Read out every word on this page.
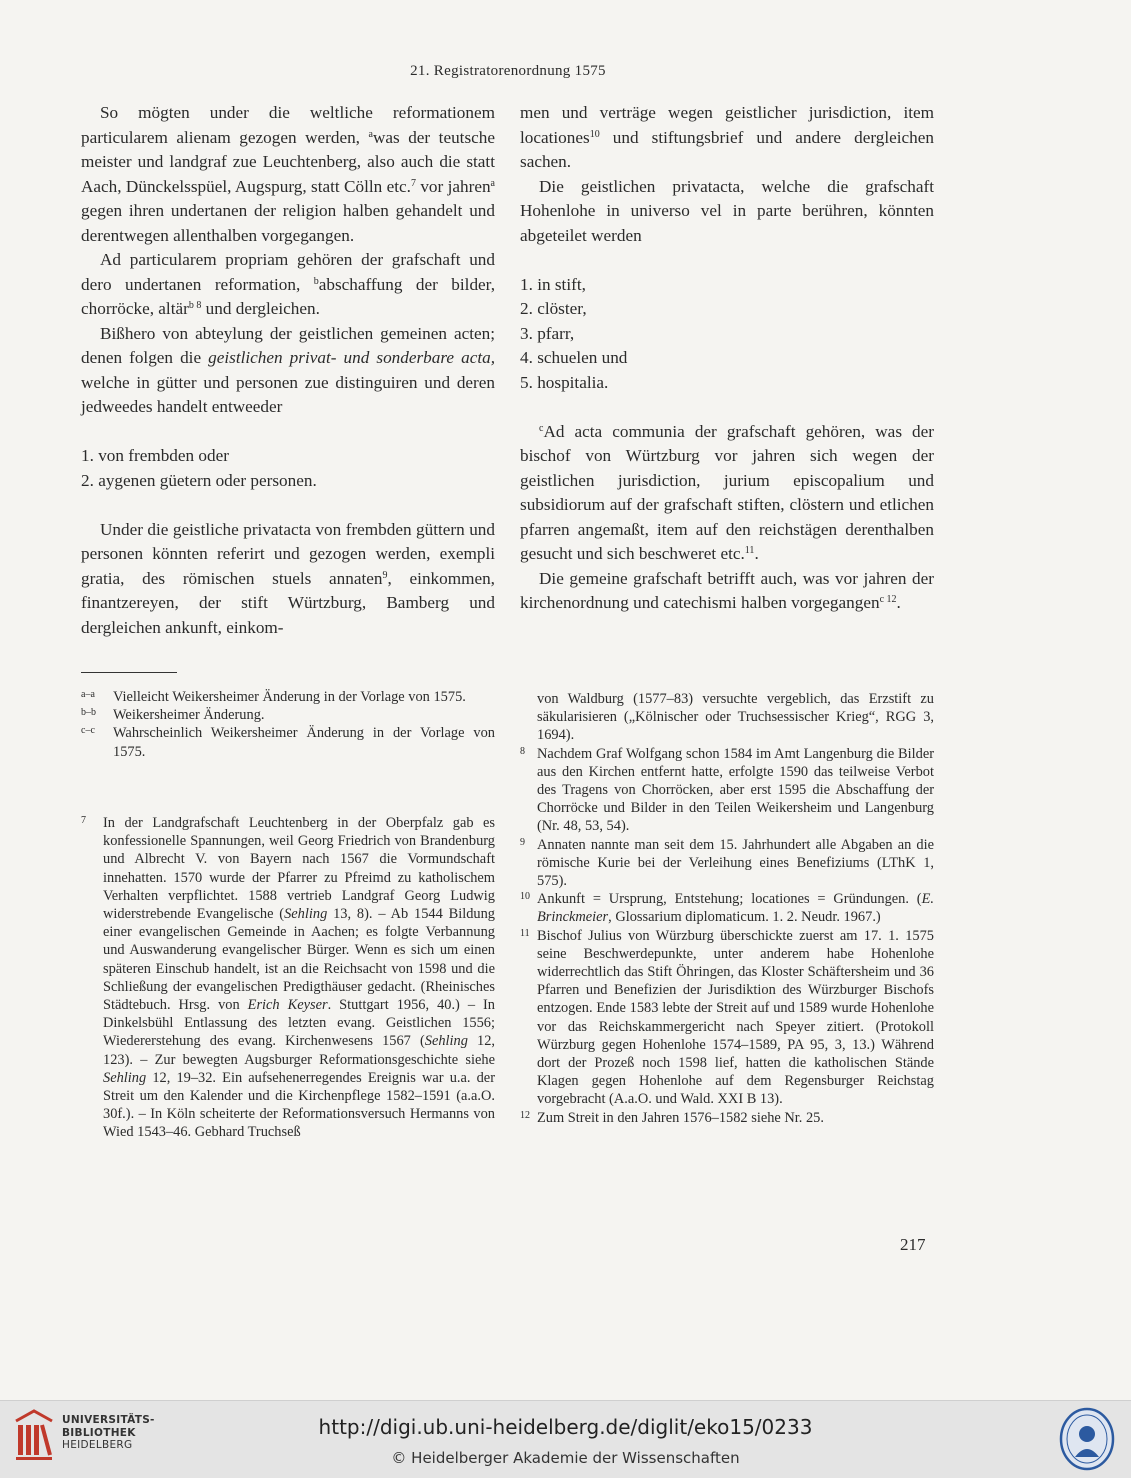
21. Registratorenordnung 1575

So mögten under die weltliche reformationem particularem alienam gezogen werden, $^a$was der teutsche meister und landgraf zue Leuchtenberg, also auch die statt Aach, Dünckelsspüel, Augspurg, statt Cölln etc.$^7$ vor jahren$^a$ gegen ihren undertanen der religion halben gehandelt und derentwegen allenthalben vorgegangen.

Ad particularem propriam gehören der grafschaft und dero undertanen reformation, $^b$abschaffung der bilder, chorröcke, altär$^{b 8}$ und dergleichen.

Bißhero von abteylung der geistlichen gemeinen acten; denen folgen die geistlichen privat- und sonderbare acta, welche in gütter und personen zue distinguiren und deren jedweedes handelt entweeder

1. von frembden oder

2. aygenen güetern oder personen.

Under die geistliche privatacta von frembden güttern und personen könnten referirt und gezogen werden, exempli gratia, des römischen stuels annaten$^9$, einkommen, finantzereyen, der stift Würtzburg, Bamberg und dergleichen ankunft, einkom-

men und verträge wegen geistlicher jurisdiction, item locationes$^{10}$ und stiftungsbrief und andere dergleichen sachen.

Die geistlichen privatacta, welche die grafschaft Hohenlohe in universo vel in parte berühren, könnten abgeteilet werden

1. in stift,

2. clöster,

3. pfarr,

4. schuelen und

5. hospitalia.

$^c$Ad acta communia der grafschaft gehören, was der bischof von Würtzburg vor jahren sich wegen der geistlichen jurisdiction, jurium episcopalium und subsidiorum auf der grafschaft stiften, clöstern und etlichen pfarren angemaßt, item auf den reichstägen derenthalben gesucht und sich beschweret etc.$^{11}$.

Die gemeine grafschaft betrifft auch, was vor jahren der kirchenordnung und catechismi halben vorgegangen$^{c 12}$.

a–a Vielleicht Weikersheimer Änderung in der Vorlage von 1575.

b–b Weikersheimer Änderung.

c–c Wahrscheinlich Weikersheimer Änderung in der Vorlage von 1575.

7 In der Landgrafschaft Leuchtenberg in der Oberpfalz gab es konfessionelle Spannungen, weil Georg Friedrich von Brandenburg und Albrecht V. von Bayern nach 1567 die Vormundschaft innehatten. 1570 wurde der Pfarrer zu Pfreimd zu katholischem Verhalten verpflichtet. 1588 vertrieb Landgraf Georg Ludwig widerstrebende Evangelische (Sehling 13, 8). – Ab 1544 Bildung einer evangelischen Gemeinde in Aachen; es folgte Verbannung und Auswanderung evangelischer Bürger. Wenn es sich um einen späteren Einschub handelt, ist an die Reichsacht von 1598 und die Schließung der evangelischen Predigthäuser gedacht. (Rheinisches Städtebuch. Hrsg. von Erich Keyser. Stuttgart 1956, 40.) – In Dinkelsbühl Entlassung des letzten evang. Geistlichen 1556; Wiedererstehung des evang. Kirchenwesens 1567 (Sehling 12, 123). – Zur bewegten Augsburger Reformationsgeschichte siehe Sehling 12, 19–32. Ein aufsehenerregendes Ereignis war u.a. der Streit um den Kalender und die Kirchenpflege 1582–1591 (a.a.O. 30f.). – In Köln scheiterte der Reformationsversuch Hermanns von Wied 1543–46. Gebhard Truchseß

von Waldburg (1577–83) versuchte vergeblich, das Erzstift zu säkularisieren („Kölnischer oder Truchsessischer Krieg“, RGG 3, 1694).

8 Nachdem Graf Wolfgang schon 1584 im Amt Langenburg die Bilder aus den Kirchen entfernt hatte, erfolgte 1590 das teilweise Verbot des Tragens von Chorröcken, aber erst 1595 die Abschaffung der Chorröcke und Bilder in den Teilen Weikersheim und Langenburg (Nr. 48, 53, 54).

9 Annaten nannte man seit dem 15. Jahrhundert alle Abgaben an die römische Kurie bei der Verleihung eines Benefiziums (LThK 1, 575).

10 Ankunft = Ursprung, Entstehung; locationes = Gründungen. (E. Brinckmeier, Glossarium diplomaticum. 1. 2. Neudr. 1967.)

11 Bischof Julius von Würzburg überschickte zuerst am 17. 1. 1575 seine Beschwerdepunkte, unter anderem habe Hohenlohe widerrechtlich das Stift Öhringen, das Kloster Schäftersheim und 36 Pfarren und Benefizien der Jurisdiktion des Würzburger Bischofs entzogen. Ende 1583 lebte der Streit auf und 1589 wurde Hohenlohe vor das Reichskammergericht nach Speyer zitiert. (Protokoll Würzburg gegen Hohenlohe 1574–1589, PA 95, 3, 13.) Während dort der Prozeß noch 1598 lief, hatten die katholischen Stände Klagen gegen Hohenlohe auf dem Regensburger Reichstag vorgebracht (A.a.O. und Wald. XXI B 13).

12 Zum Streit in den Jahren 1576–1582 siehe Nr. 25.

217
UNIVERSITÄTS-
BIBLIOTHEK
HEIDELBERG
http://digi.ub.uni-heidelberg.de/diglit/eko15/0233
© Heidelberger Akademie der Wissenschaften
